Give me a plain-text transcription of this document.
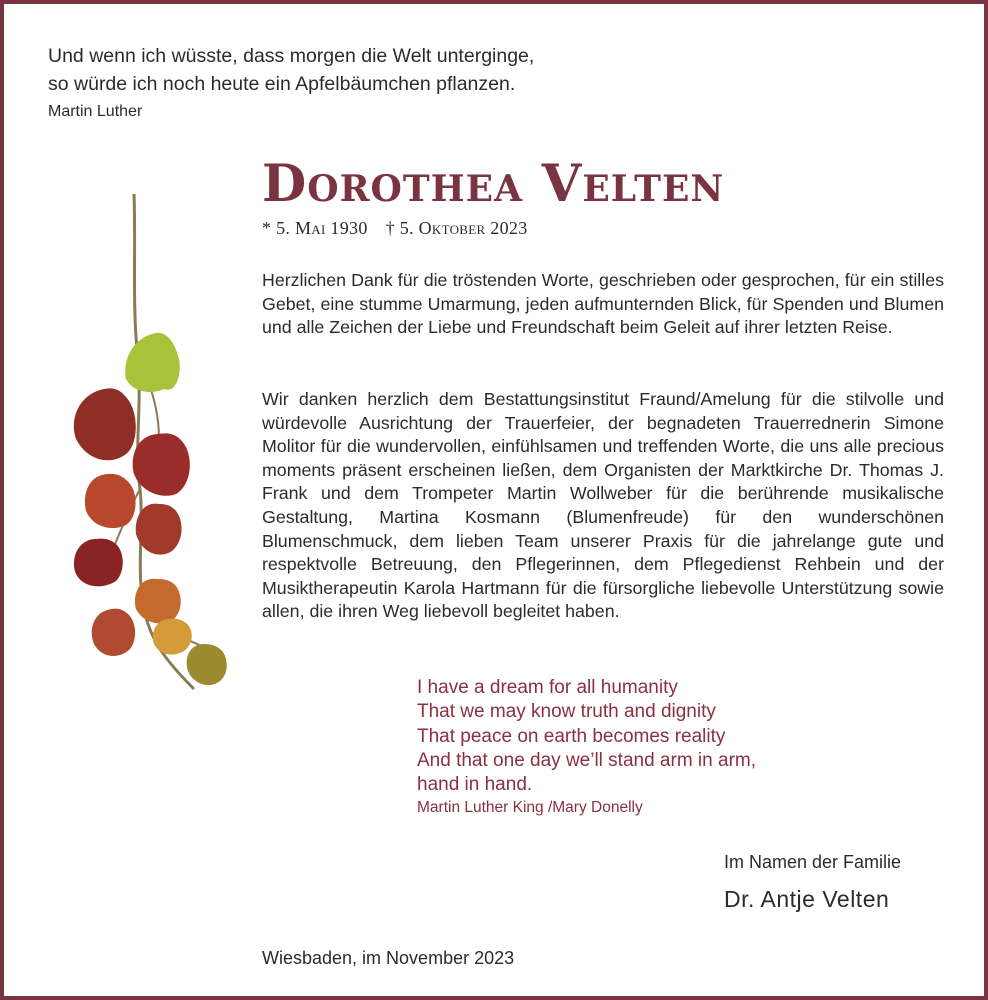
Und wenn ich wüsste, dass morgen die Welt unterginge,
so würde ich noch heute ein Apfelbäumchen pflanzen.
Martin Luther
Dorothea Velten
* 5. Mai 1930 † 5. Oktober 2023

Herzlichen Dank für die tröstenden Worte, geschrieben oder gesprochen, für ein stilles Gebet, eine stumme Umarmung, jeden aufmunternden Blick, für Spenden und Blumen und alle Zeichen der Liebe und Freundschaft beim Geleit auf ihrer letzten Reise.

Wir danken herzlich dem Bestattungsinstitut Fraund/Amelung für die stilvolle und würdevolle Ausrichtung der Trauerfeier, der begnadeten Trauerrednerin Simone Molitor für die wundervollen, einfühlsamen und treffenden Worte, die uns alle precious moments präsent erscheinen ließen, dem Organisten der Marktkirche Dr. Thomas J. Frank und dem Trompeter Martin Wollweber für die berührende musikalische Gestaltung, Martina Kosmann (Blumenfreude) für den wunderschönen Blumenschmuck, dem lieben Team unserer Praxis für die jahrelange gute und respektvolle Betreuung, den Pflegerinnen, dem Pflegedienst Rehbein und der Musiktherapeutin Karola Hartmann für die fürsorgliche liebevolle Unterstützung sowie allen, die ihren Weg liebevoll begleitet haben.

I have a dream for all humanity
That we may know truth and dignity
That peace on earth becomes reality
And that one day we’ll stand arm in arm,
hand in hand.
Martin Luther King /Mary Donelly
Im Namen der Familie
Dr. Antje Velten
Wiesbaden, im November 2023
